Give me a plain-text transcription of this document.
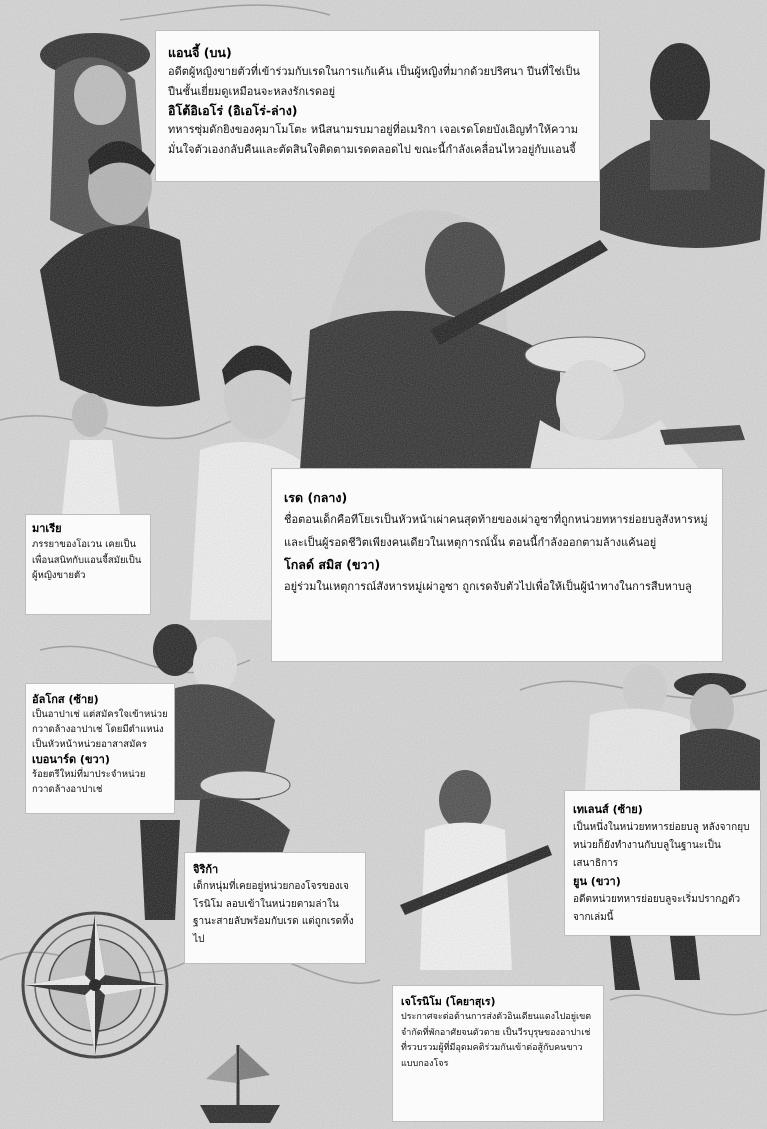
แอนจี้ (บน)

อดีตผู้หญิงขายตัวที่เข้าร่วมกับเรดในการแก้แค้น เป็นผู้หญิงที่มากด้วยปริศนา ปีนที่ใช่เป็นปืนชั้นเยี่ยมดูเหมือนจะหลงรักเรดอยู่

อิโต้อิเอโร่ (อิเอโร่-ล่าง)

ทหารซุ่มดักยิงของคุมาโมโตะ หนีสนามรบมาอยู่ที่อเมริกา เจอเรดโดยบังเอิญทำให้ความมั่นใจตัวเองกลับคืนและตัดสินใจติดตามเรดตลอดไป ขณะนี้กำลังเคลื่อนไหวอยู่กับแอนจี้

เรด (กลาง)

ชื่อตอนเด็กคือทีโยเรเป็นหัวหน้าเผ่าคนสุดท้ายของเผ่าอูซาที่ถูกหน่วยทหารย่อยบลูสังหารหมู่และเป็นผู้รอดชีวิตเพียงคนเดียวในเหตุการณ์นั้น ตอนนี้กำลังออกตามล้างแค้นอยู่

โกลด์ สมิส (ขวา)

อยู่ร่วมในเหตุการณ์สังหารหมู่เผ่าอูซา ถูกเรดจับตัวไปเพื่อให้เป็นผู้นำทางในการสืบหาบลู

มาเรีย

ภรรยาของโอเวน เคยเป็นเพื่อนสนิทกับแอนจี้สมัยเป็นผู้หญิงขายตัว

อัลโกส (ซ้าย)

เป็นอาปาเช่ แต่สมัครใจเข้าหน่วยกวาดล้างอาปาเช่ โดยมีตำแหน่งเป็นหัวหน้าหน่วยอาสาสมัคร

เบอนาร์ด (ขวา)

ร้อยตรีใหม่ที่มาประจำหน่วยกวาดล้างอาปาเช่

จิริก้า

เด็กหนุ่มที่เคยอยู่หน่วยกองโจรของเจโรนิโม ลอบเข้าในหน่วยตามล่าในฐานะสายลับพร้อมกับเรด แต่ถูกเรดทิ้งไป

เทเลนส์ (ซ้าย)

เป็นหนึ่งในหน่วยทหารย่อยบลู หลังจากยุบหน่วยก็ยังทำงานกับบลูในฐานะเป็นเสนาธิการ

ยูน (ขวา)

อดีตหน่วยทหารย่อยบลูจะเริ่มปรากฏตัวจากเล่มนี้

เจโรนิโม (โคยาสุเร)

ประกาศจะต่อต้านการส่งตัวอินเดียนแดงไปอยู่เขตจำกัดที่พักอาศัยจนตัวตาย เป็นวีรบุรุษของอาปาเช่ ที่รวบรวมผู้ที่มีอุดมคติร่วมกันเข้าต่อสู้กับคนขาวแบบกองโจร
